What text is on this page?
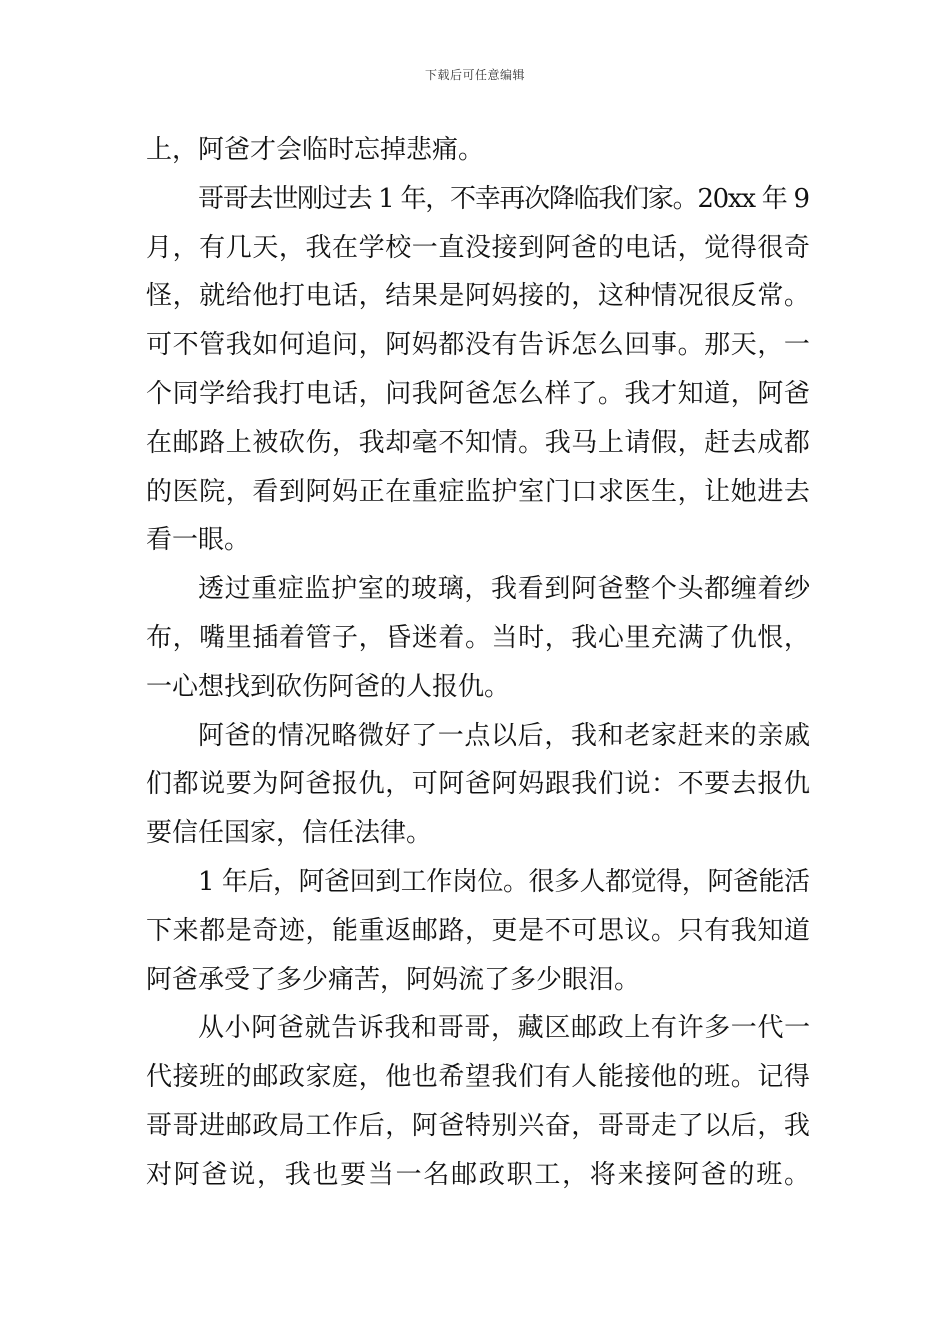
下载后可任意编辑
上，阿爸才会临时忘掉悲痛。
哥哥去世刚过去 1 年，不幸再次降临我们家。20xx 年 9
月，有几天，我在学校一直没接到阿爸的电话，觉得很奇
怪，就给他打电话，结果是阿妈接的，这种情况很反常。
可不管我如何追问，阿妈都没有告诉怎么回事。那天，一
个同学给我打电话，问我阿爸怎么样了。我才知道，阿爸
在邮路上被砍伤，我却毫不知情。我马上请假，赶去成都
的医院，看到阿妈正在重症监护室门口求医生，让她进去
看一眼。
透过重症监护室的玻璃，我看到阿爸整个头都缠着纱
布，嘴里插着管子，昏迷着。当时，我心里充满了仇恨，
一心想找到砍伤阿爸的人报仇。
阿爸的情况略微好了一点以后，我和老家赶来的亲戚
们都说要为阿爸报仇，可阿爸阿妈跟我们说：不要去报仇
要信任国家，信任法律。
1 年后，阿爸回到工作岗位。很多人都觉得，阿爸能活
下来都是奇迹，能重返邮路，更是不可思议。只有我知道
阿爸承受了多少痛苦，阿妈流了多少眼泪。
从小阿爸就告诉我和哥哥，藏区邮政上有许多一代一
代接班的邮政家庭，他也希望我们有人能接他的班。记得
哥哥进邮政局工作后，阿爸特别兴奋，哥哥走了以后，我
对阿爸说，我也要当一名邮政职工，将来接阿爸的班。
